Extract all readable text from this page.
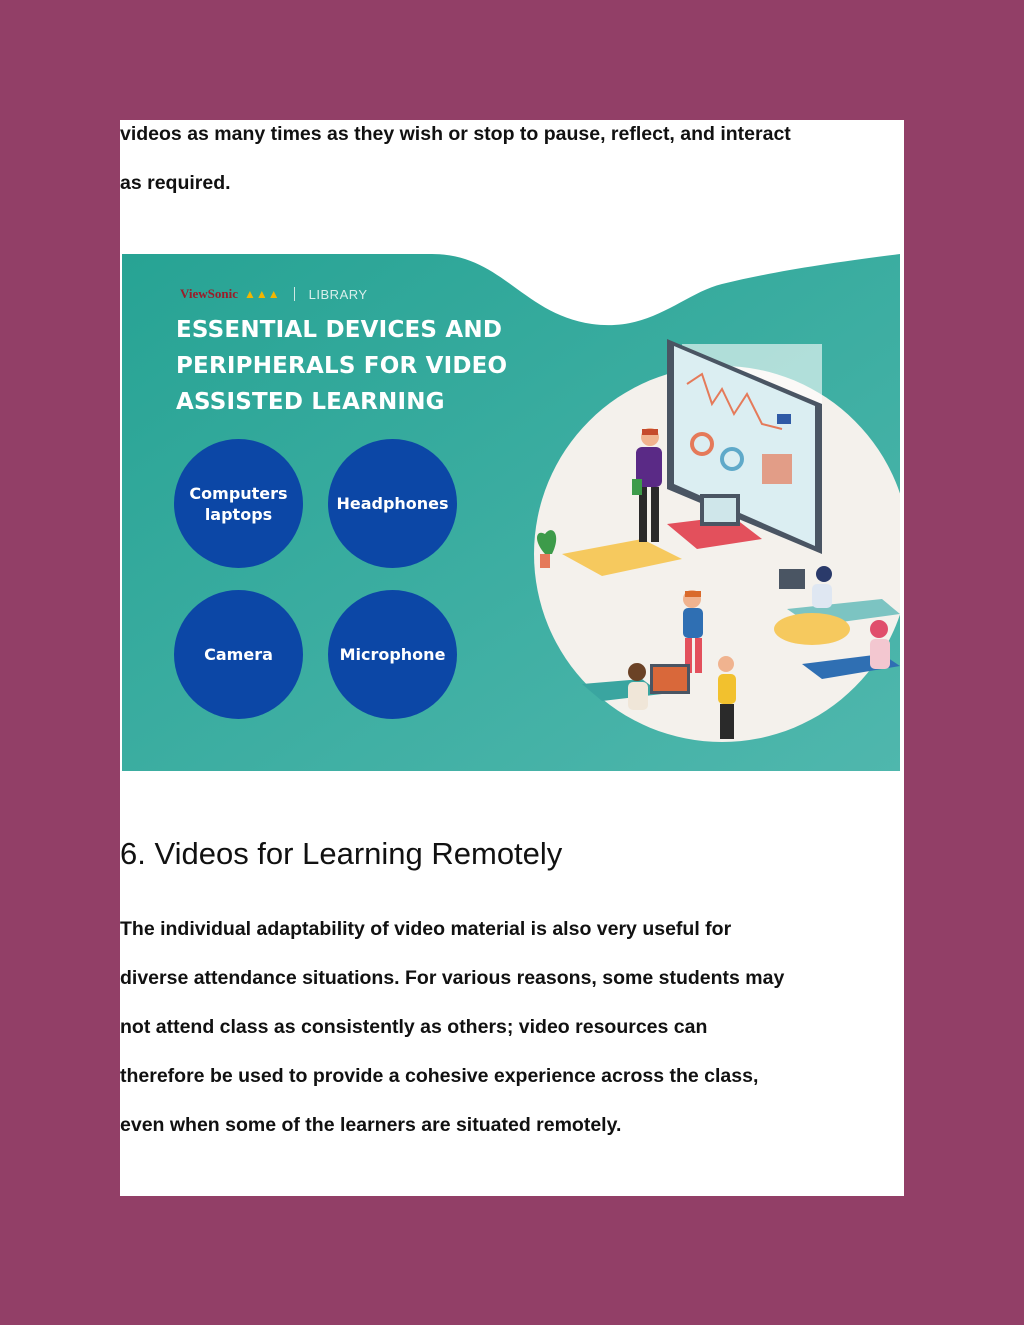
videos as many times as they wish or stop to pause, reflect, and interact
as required.
ViewSonic ▲▲▲ LIBRARY
ESSENTIAL DEVICES AND
PERIPHERALS FOR VIDEO
ASSISTED LEARNING
Computers
laptops
Headphones
Camera	Microphone
6. Videos for Learning Remotely
The individual adaptability of video material is also very useful for
diverse attendance situations. For various reasons, some students may
not attend class as consistently as others; video resources can
therefore be used to provide a cohesive experience across the class,
even when some of the learners are situated remotely.
